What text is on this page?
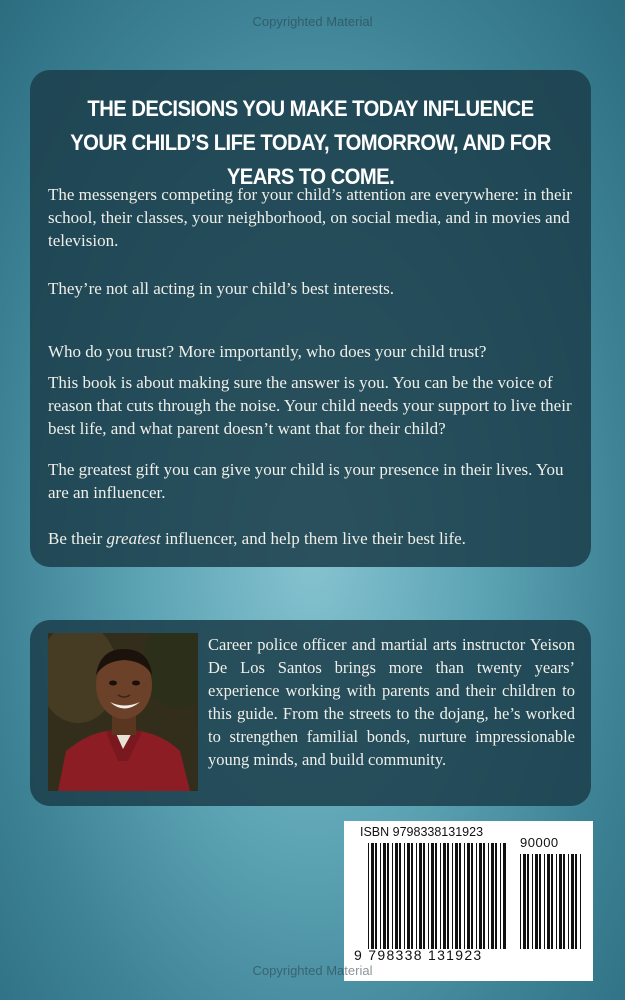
Copyrighted Material
THE DECISIONS YOU MAKE TODAY INFLUENCE YOUR CHILD’S LIFE TODAY, TOMORROW, AND FOR YEARS TO COME.

The messengers competing for your child’s attention are everywhere: in their school, their classes, your neighborhood, on social media, and in movies and television.

They’re not all acting in your child’s best interests.

Who do you trust? More importantly, who does your child trust?

This book is about making sure the answer is you. You can be the voice of reason that cuts through the noise. Your child needs your support to live their best life, and what parent doesn’t want that for their child?

The greatest gift you can give your child is your presence in their lives. You are an influencer.

Be their greatest influencer, and help them live their best life.

Career police officer and martial arts instructor Yeison De Los Santos brings more than twenty years’ experience working with parents and their children to this guide. From the streets to the dojang, he’s worked to strengthen familial bonds, nurture impressionable young minds, and build community.

ISBN 9798338131923
90000
9 798338 131923
Copyrighted Material
